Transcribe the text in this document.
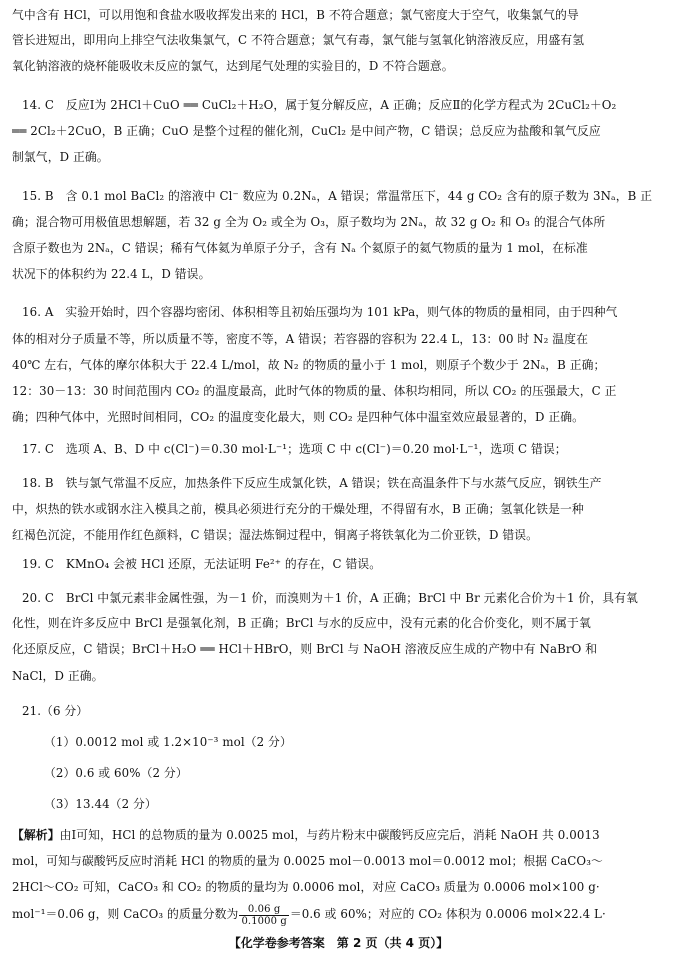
气中含有 HCl，可以用饱和食盐水吸收挥发出来的 HCl，B 不符合题意；氯气密度大于空气，收集氯气的导
管长进短出，即用向上排空气法收集氯气，C 不符合题意；氯气有毒，氯气能与氢氧化钠溶液反应，用盛有氢
氧化钠溶液的烧杯能吸收未反应的氯气，达到尾气处理的实验目的，D 不符合题意。
14. C　反应Ⅰ为 2HCl＋CuO ══ CuCl₂＋H₂O，属于复分解反应，A 正确；反应Ⅱ的化学方程式为 2CuCl₂＋O₂
══ 2Cl₂＋2CuO，B 正确；CuO 是整个过程的催化剂，CuCl₂ 是中间产物，C 错误；总反应为盐酸和氧气反应
制氯气，D 正确。
15. B　含 0.1 mol BaCl₂ 的溶液中 Cl⁻ 数应为 0.2Nₐ，A 错误；常温常压下，44 g CO₂ 含有的原子数为 3Nₐ，B 正
确；混合物可用极值思想解题，若 32 g 全为 O₂ 或全为 O₃，原子数均为 2Nₐ，故 32 g O₂ 和 O₃ 的混合气体所
含原子数也为 2Nₐ，C 错误；稀有气体氦为单原子分子，含有 Nₐ 个氦原子的氦气物质的量为 1 mol，在标准
状况下的体积约为 22.4 L，D 错误。
16. A　实验开始时，四个容器均密闭、体积相等且初始压强均为 101 kPa，则气体的物质的量相同，由于四种气
体的相对分子质量不等，所以质量不等，密度不等，A 错误；若容器的容积为 22.4 L，13：00 时 N₂ 温度在
40℃ 左右，气体的摩尔体积大于 22.4 L/mol，故 N₂ 的物质的量小于 1 mol，则原子个数少于 2Nₐ，B 正确；
12：30－13：30 时间范围内 CO₂ 的温度最高，此时气体的物质的量、体积均相同，所以 CO₂ 的压强最大，C 正
确；四种气体中，光照时间相同，CO₂ 的温度变化最大，则 CO₂ 是四种气体中温室效应最显著的，D 正确。
17. C　选项 A、B、D 中 c(Cl⁻)＝0.30 mol·L⁻¹；选项 C 中 c(Cl⁻)＝0.20 mol·L⁻¹，选项 C 错误；
18. B　铁与氯气常温不反应，加热条件下反应生成氯化铁，A 错误；铁在高温条件下与水蒸气反应，钢铁生产
中，炽热的铁水或钢水注入模具之前，模具必须进行充分的干燥处理，不得留有水，B 正确；氢氧化铁是一种
红褐色沉淀，不能用作红色颜料，C 错误；湿法炼铜过程中，铜离子将铁氧化为二价亚铁，D 错误。
19. C　KMnO₄ 会被 HCl 还原，无法证明 Fe²⁺ 的存在，C 错误。
20. C　BrCl 中氯元素非金属性强，为－1 价，而溴则为＋1 价，A 正确；BrCl 中 Br 元素化合价为＋1 价，具有氧
化性，则在许多反应中 BrCl 是强氧化剂，B 正确；BrCl 与水的反应中，没有元素的化合价变化，则不属于氧
化还原反应，C 错误；BrCl＋H₂O ══ HCl＋HBrO，则 BrCl 与 NaOH 溶液反应生成的产物中有 NaBrO 和
NaCl，D 正确。
21.（6 分）
（1）0.0012 mol 或 1.2×10⁻³ mol（2 分）
（2）0.6 或 60%（2 分）
（3）13.44（2 分）
【解析】由Ⅰ可知，HCl 的总物质的量为 0.0025 mol，与药片粉末中碳酸钙反应完后，消耗 NaOH 共 0.0013
mol，可知与碳酸钙反应时消耗 HCl 的物质的量为 0.0025 mol－0.0013 mol＝0.0012 mol；根据 CaCO₃～
2HCl～CO₂ 可知，CaCO₃ 和 CO₂ 的物质的量均为 0.0006 mol，对应 CaCO₃ 质量为 0.0006 mol×100 g·
mol⁻¹＝0.06 g，则 CaCO₃ 的质量分数为 $\frac{0.06 g}{0.1000 g} =0.6$ 或 60%；对应的 CO₂ 体积为 0.0006 mol×22.4 L·
【化学卷参考答案　第 2 页（共 4 页）】
